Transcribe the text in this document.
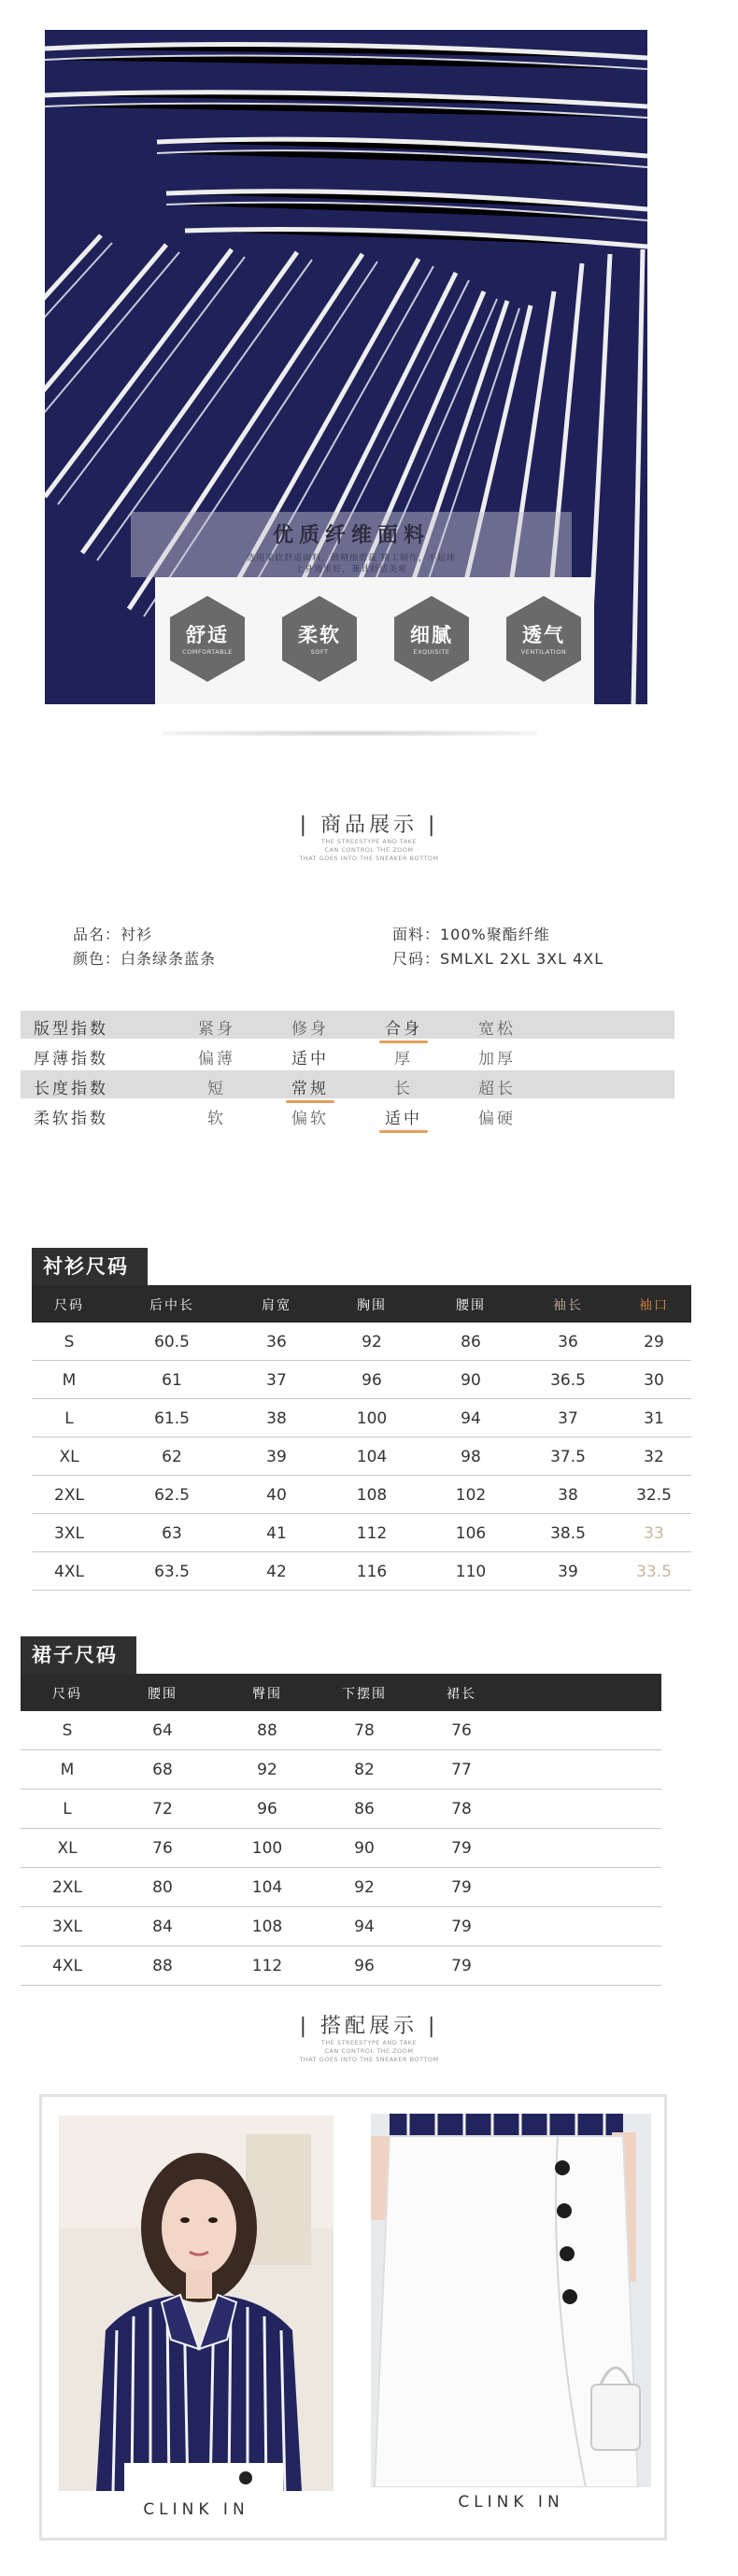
优质纤维面料
选用柔软舒适面料，做精细剪裁 精工制作，不起球
上身效果好，兼具舒适美观
舒适
COMFORTABLE
柔软
SOFT
细腻
EXQUISITE
透气
VENTILATION
| 商品展示 |
THE STREESTYPE AND TAKE
CAN CONTROL THE ZOOM
THAT GOES INTO THE SNEAKER BOTTOM
品名：衬衫
颜色：白条绿条蓝条
面料：100%聚酯纤维
尺码：SMLXL 2XL 3XL 4XL
版型指数	紧身	修身	合身	宽松
厚薄指数	偏薄	适中	厚	加厚
长度指数	短	常规	长	超长
柔软指数	软	偏软	适中	偏硬
衬衫尺码
尺码	后中长	肩宽	胸围	腰围	袖长	袖口
S	60.5	36	92	86	36	29
M	61	37	96	90	36.5	30
L	61.5	38	100	94	37	31
XL	62	39	104	98	37.5	32
2XL	62.5	40	108	102	38	32.5
3XL	63	41	112	106	38.5	33
4XL	63.5	42	116	110	39	33.5
裙子尺码
尺码	腰围	臀围	下摆围	裙长
S	64	88	78	76
M	68	92	82	77
L	72	96	86	78
XL	76	100	90	79
2XL	80	104	92	79
3XL	84	108	94	79
4XL	88	112	96	79
| 搭配展示 |
THE STREESTYPE AND TAKE
CAN CONTROL THE ZOOM
THAT GOES INTO THE SNEAKER BOTTOM
CLINK IN	CLINK IN
